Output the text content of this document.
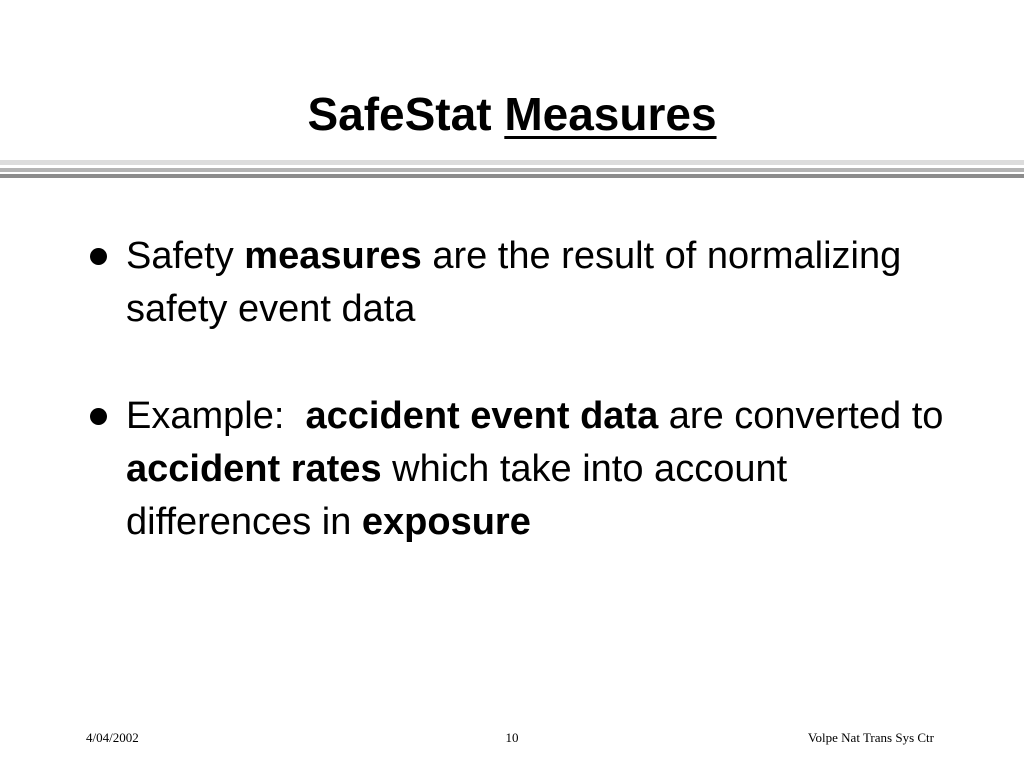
SafeStat Measures
Safety measures are the result of normalizing safety event data
Example:  accident event data are converted to accident rates which take into account differences in exposure
4/04/2002	10	Volpe Nat Trans Sys Ctr
